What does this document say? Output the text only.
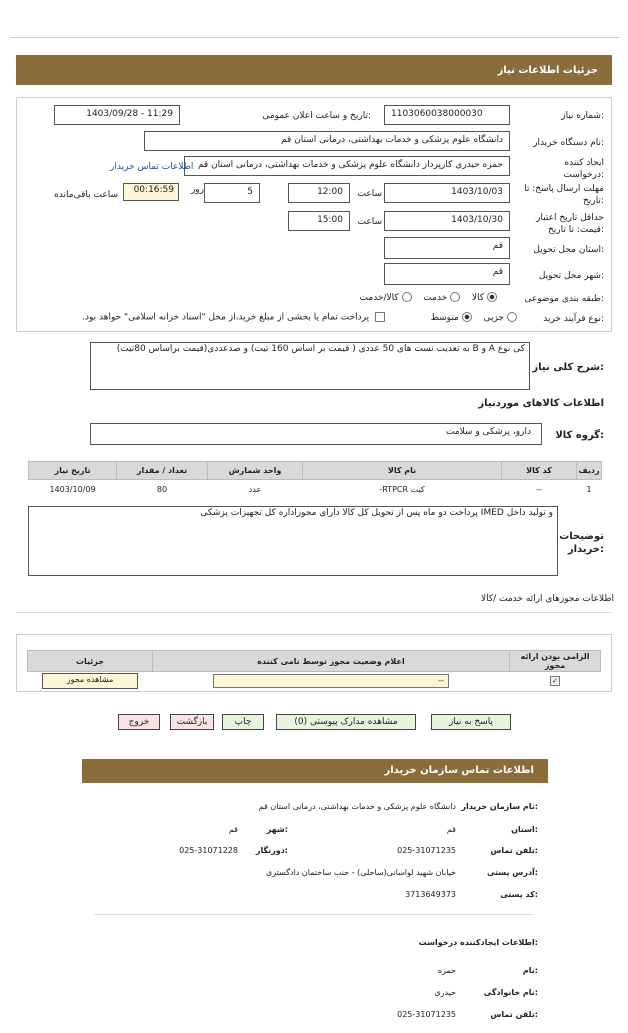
جزئیات اطلاعات نیاز
شماره نیاز:
1103060038000030
تاریخ و ساعت اعلان عمومی:
1403/09/28 - 11:29
نام دستگاه خریدار:
دانشگاه علوم پزشکی و خدمات بهداشتی، درمانی استان قم
ایجاد کننده درخواست:
حمزه حیدری کارپرداز دانشگاه علوم پزشکی و خدمات بهداشتی، درمانی استان قم
اطلاعات تماس خریدار
مهلت ارسال پاسخ: تا تاریخ:
1403/10/03
ساعت
12:00
5
روز
00:16:59
ساعت باقی‌مانده
حداقل تاریخ اعتبار قیمت: تا تاریخ:
1403/10/30
ساعت
15:00
استان محل تحویل:
قم
شهر محل تحویل:
قم
طبقه بندی موضوعی:
کالا   خدمت   کالا/خدمت
نوع فرآیند خرید:
جزیی   متوسط
پرداخت تمام یا بخشی از مبلغ خرید،از محل "اسناد خزانه اسلامی" خواهد بود.
شرح کلی نیاز:
کی نوع A و B به تعدیت تست های 50 عددی ( قیمت بر اساس 160 تیت) و صدعددی(قیمت براساس 80تیت)
اطلاعات کالاهای موردنیاز
گروه کالا:
دارو، پزشکی و سلامت
ردیف	کد کالا	نام کالا	واحد شمارش	تعداد / مقدار	تاریخ نیاز
1	--	کیت RTPCR-	عدد	80	1403/10/09
توضیحات خریدار:
و تولید داخل IMED پرداخت دو ماه پس از تحویل کل کالا دارای مجوزاداره کل تجهیزات پزشکی
اطلاعات مجوزهای ارائه خدمت /کالا
الزامی بودن ارائه مجوز	اعلام وضعیت مجوز توسط نامی کننده	جزئیات
✓	--	مشاهده مجوز
پاسخ به نیاز
مشاهده مدارک پیوستی (0)
چاپ
بازگشت
خروج
اطلاعات تماس سازمان خریدار
نام سازمان خریدار:
دانشگاه علوم پزشکی و خدمات بهداشتی، درمانی استان قم
استان:
قم
شهر:
قم
تلفن تماس:
025-31071235
دورنگار:
025-31071228
آدرس پستی:
خیابان شهید لواسانی(ساحلی) - جنب ساختمان دادگستری
کد پستی:
3713649373
اطلاعات ایجادکننده درخواست:
نام:
حمزه
نام خانوادگی:
حیدری
تلفن تماس:
025-31071235
